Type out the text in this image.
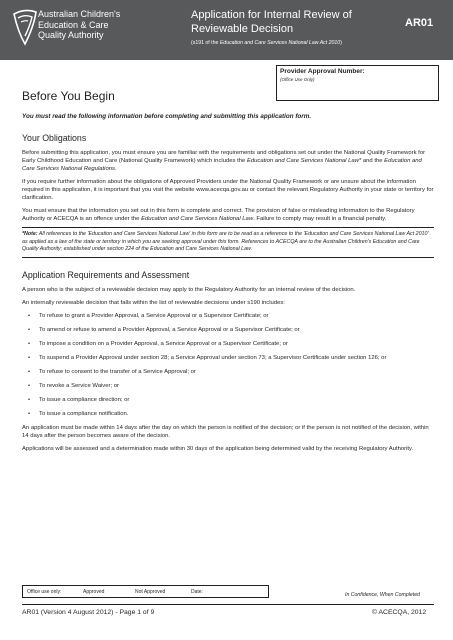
Australian Children's
Education & Care
Quality Authority
Application for Internal Review of
Reviewable Decision
(s191 of the Education and Care Services National Law Act 2010)
AR01
Provider Approval Number:
(Office Use Only)
Before You Begin

You must read the following information before completing and submitting this application form.

Your Obligations

Before submitting this application, you must ensure you are familiar with the requirements and obligations set out under the National Quality Framework for Early Childhood Education and Care (National Quality Framework) which includes the Education and Care Services National Law* and the Education and Care Services National Regulations.

If you require further information about the obligations of Approved Providers under the National Quality Framework or are unsure about the information required in this application, it is important that you visit the website www.acecqa.gov.au or contact the relevant Regulatory Authority in your state or territory for clarification.

You must ensure that the information you set out in this form is complete and correct. The provision of false or misleading information to the Regulatory Authority or ACECQA is an offence under the Education and Care Services National Law. Failure to comply may result in a financial penalty.

*Note: All references to the 'Education and Care Services National Law' in this form are to be read as a reference to the 'Education and Care Services National Law Act 2010' as applied as a law of the state or territory in which you are seeking approval under this form. References to ACECQA are to the Australian Children's Education and Care Quality Authority; established under section 224 of the Education and Care Services National Law.
Application Requirements and Assessment

A person who is the subject of a reviewable decision may apply to the Regulatory Authority for an internal review of the decision.

An internally reviewable decision that falls within the list of reviewable decisions under s190 includes:

• To refuse to grant a Provider Approval, a Service Approval or a Supervisor Certificate; or
• To amend or refuse to amend a Provider Approval, a Service Approval or a Supervisor Certificate; or
• To impose a condition on a Provider Approval, a Service Approval or a Supervisor Certificate; or
• To suspend a Provider Approval under section 28; a Service Approval under section 73; a Supervisor Certificate under section 126; or
• To refuse to consent to the transfer of a Service Approval; or
• To revoke a Service Waiver; or
• To issue a compliance direction; or
• To issue a compliance notification.

An application must be made within 14 days after the day on which the person is notified of the decision; or if the person is not notified of the decision, within 14 days after the person becomes aware of the decision.

Applications will be assessed and a determination made within 30 days of the application being determined valid by the receiving Regulatory Authority.

Office use only:	Approved	Not Approved	Date:	In Confidence, When Completed
AR01 (Version 4 August 2012) - Page 1 of 9	© ACECQA, 2012
